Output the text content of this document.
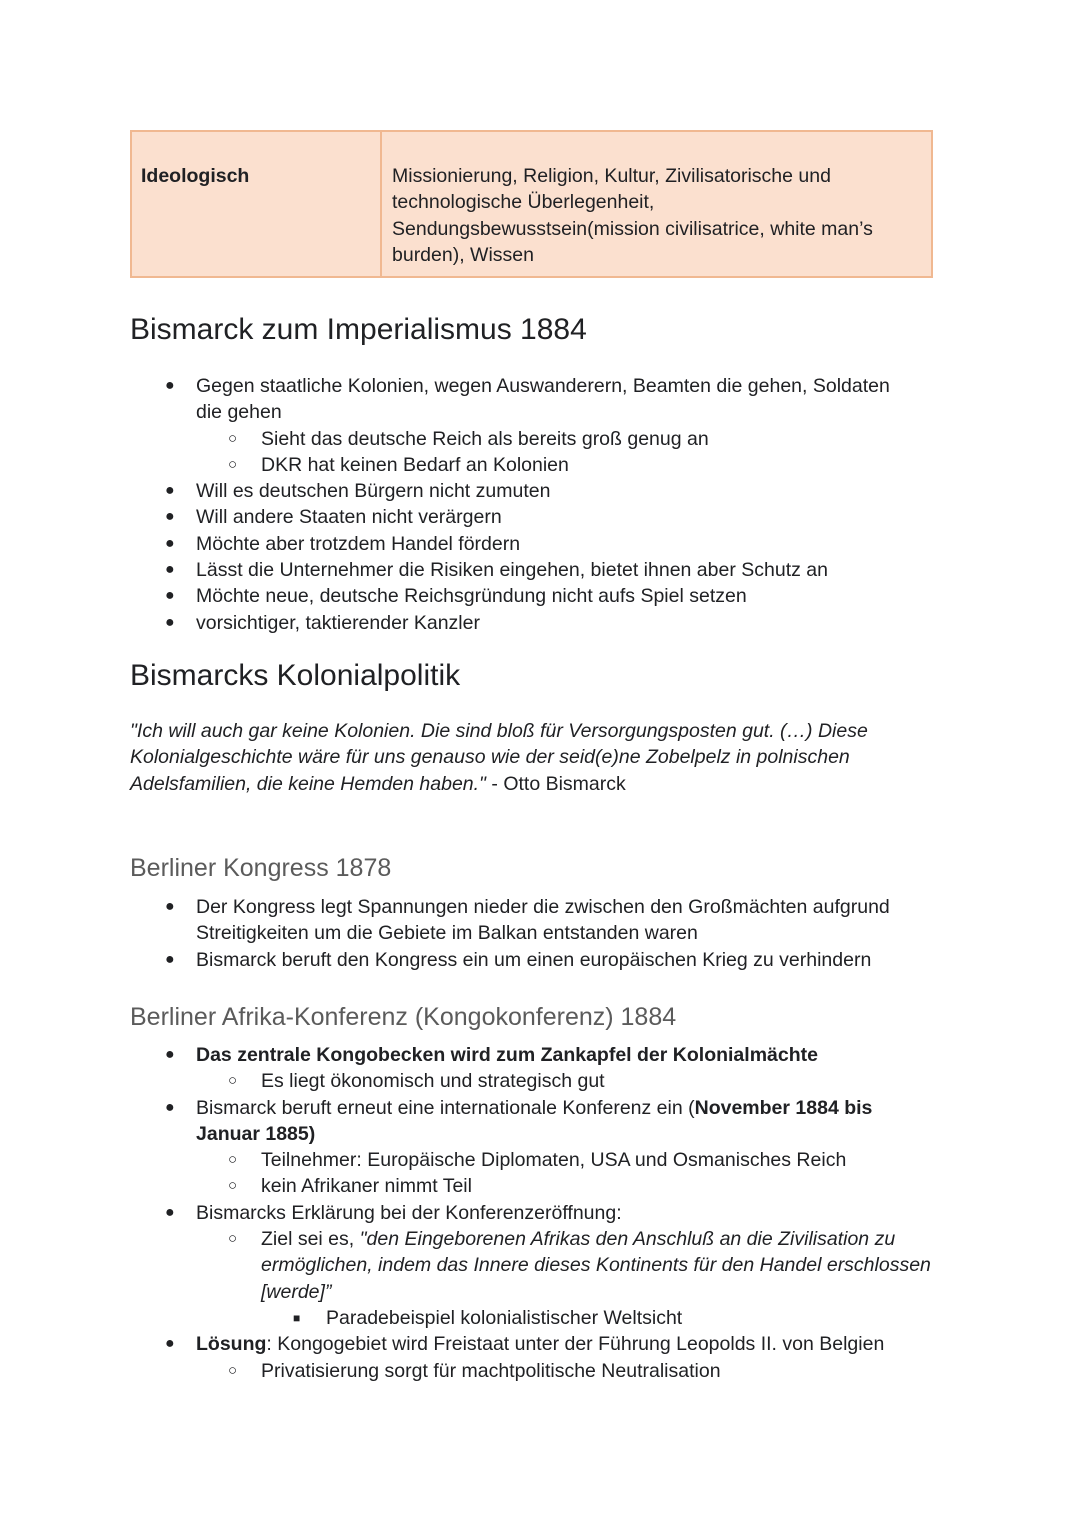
Ideologisch	Missionierung, Religion, Kultur, Zivilisatorische und
technologische Überlegenheit,
Sendungsbewusstsein(mission civilisatrice, white man’s
burden), Wissen
Bismarck zum Imperialismus 1884
● Gegen staatliche Kolonien, wegen Auswanderern, Beamten die gehen, Soldaten
die gehen
○ Sieht das deutsche Reich als bereits groß genug an
○ DKR hat keinen Bedarf an Kolonien
● Will es deutschen Bürgern nicht zumuten
● Will andere Staaten nicht verärgern
● Möchte aber trotzdem Handel fördern
● Lässt die Unternehmer die Risiken eingehen, bietet ihnen aber Schutz an
● Möchte neue, deutsche Reichsgründung nicht aufs Spiel setzen
● vorsichtiger, taktierender Kanzler
Bismarcks Kolonialpolitik
"Ich will auch gar keine Kolonien. Die sind bloß für Versorgungsposten gut. (…) Diese
Kolonialgeschichte wäre für uns genauso wie der seid(e)ne Zobelpelz in polnischen
Adelsfamilien, die keine Hemden haben." - Otto Bismarck
Berliner Kongress 1878
● Der Kongress legt Spannungen nieder die zwischen den Großmächten aufgrund
Streitigkeiten um die Gebiete im Balkan entstanden waren
● Bismarck beruft den Kongress ein um einen europäischen Krieg zu verhindern
Berliner Afrika-Konferenz (Kongokonferenz) 1884
● Das zentrale Kongobecken wird zum Zankapfel der Kolonialmächte
○ Es liegt ökonomisch und strategisch gut
● Bismarck beruft erneut eine internationale Konferenz ein (November 1884 bis
Januar 1885)
○ Teilnehmer: Europäische Diplomaten, USA und Osmanisches Reich
○ kein Afrikaner nimmt Teil
● Bismarcks Erklärung bei der Konferenzeröffnung:
○ Ziel sei es, "den Eingeborenen Afrikas den Anschluß an die Zivilisation zu
ermöglichen, indem das Innere dieses Kontinents für den Handel erschlossen
[werde]”
■ Paradebeispiel kolonialistischer Weltsicht
● Lösung: Kongogebiet wird Freistaat unter der Führung Leopolds II. von Belgien
○ Privatisierung sorgt für machtpolitische Neutralisation
